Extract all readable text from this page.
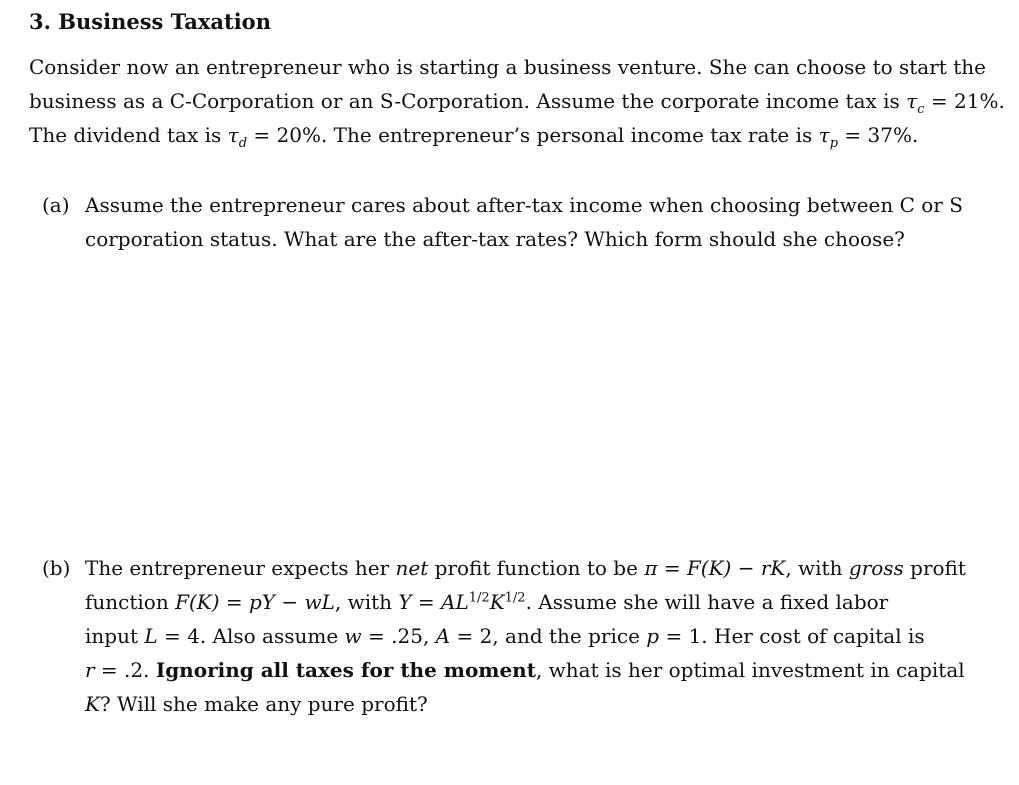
3. Business Taxation
Consider now an entrepreneur who is starting a business venture. She can choose to start the
business as a C-Corporation or an S-Corporation. Assume the corporate income tax is $\tau_c = 21\%$.
The dividend tax is $\tau_d = 20\%$. The entrepreneur’s personal income tax rate is $\tau_p = 37\%$.
(a) Assume the entrepreneur cares about after-tax income when choosing between C or S
corporation status. What are the after-tax rates? Which form should she choose?
(b) The entrepreneur expects her net profit function to be π = F(K) − rK, with gross profit
function F(K) = pY − wL, with $Y = AL^{1/2}K^{1/2}$. Assume she will have a fixed labor
input L = 4. Also assume w = .25, A = 2, and the price p = 1. Her cost of capital is
r = .2. Ignoring all taxes for the moment, what is her optimal investment in capital
K? Will she make any pure profit?
